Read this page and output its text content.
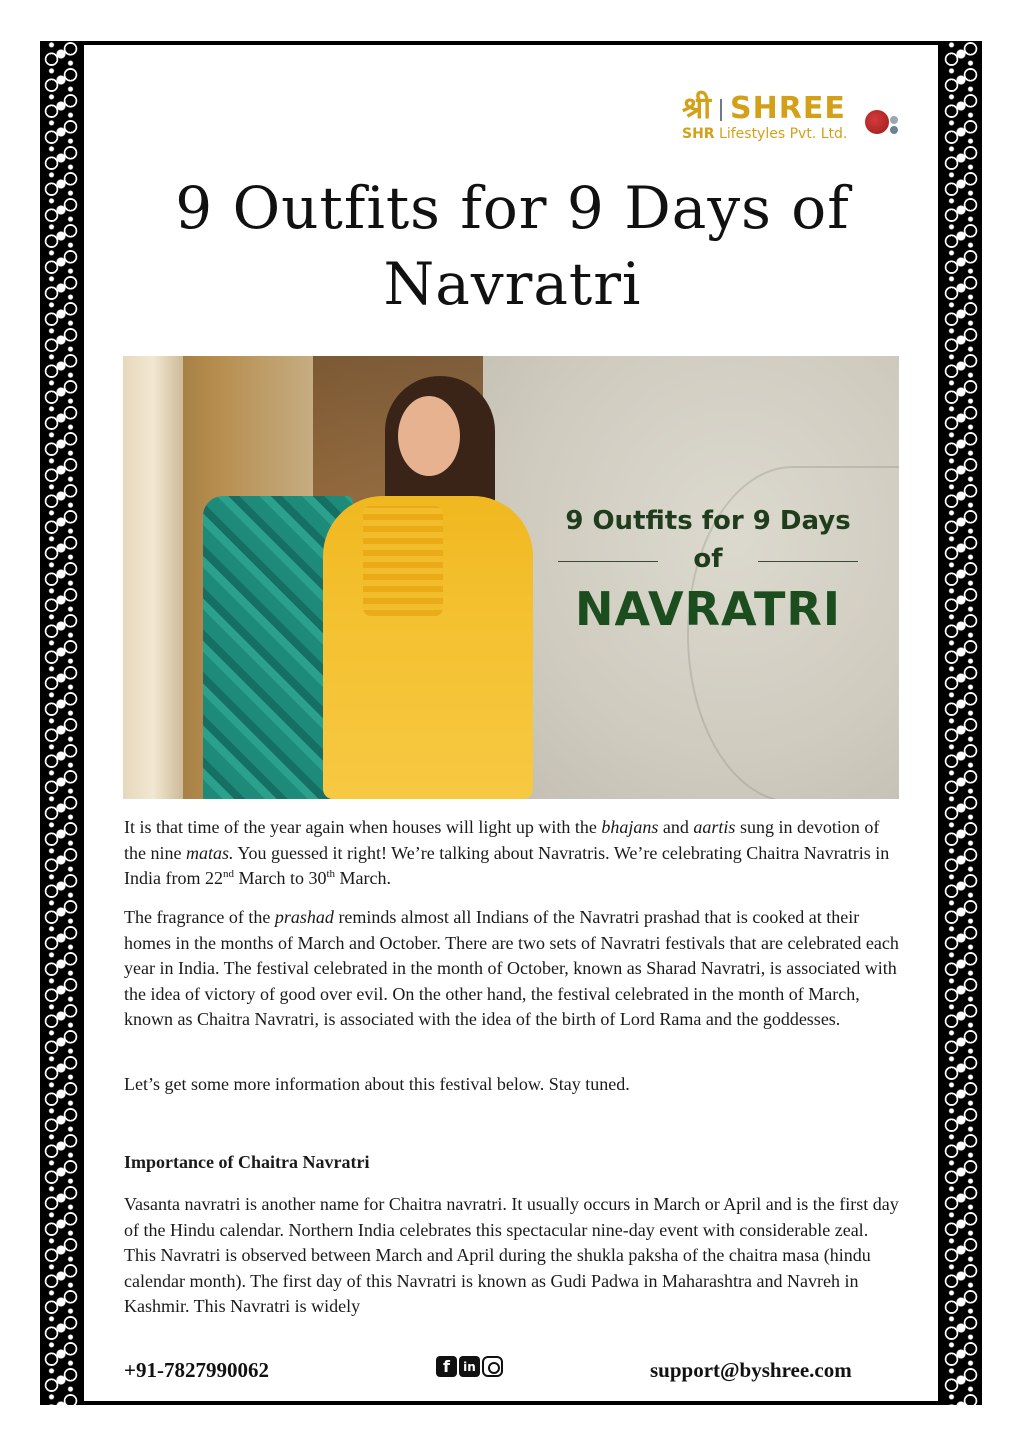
श्री SHREE
SHR Lifestyles Pvt. Ltd.
9 Outfits for 9 Days of
Navratri
9 Outfits for 9 Days
of
NAVRATRI

It is that time of the year again when houses will light up with the bhajans and aartis sung in devotion of the nine matas. You guessed it right! We’re talking about Navratris. We’re celebrating Chaitra Navratris in India from 22nd March to 30th March.

The fragrance of the prashad reminds almost all Indians of the Navratri prashad that is cooked at their homes in the months of March and October. There are two sets of Navratri festivals that are celebrated each year in India. The festival celebrated in the month of October, known as Sharad Navratri, is associated with the idea of victory of good over evil. On the other hand, the festival celebrated in the month of March, known as Chaitra Navratri, is associated with the idea of the birth of Lord Rama and the goddesses.

Let’s get some more information about this festival below. Stay tuned.

Importance of Chaitra Navratri

Vasanta navratri is another name for Chaitra navratri. It usually occurs in March or April and is the first day of the Hindu calendar. Northern India celebrates this spectacular nine-day event with considerable zeal. This Navratri is observed between March and April during the shukla paksha of the chaitra masa (hindu calendar month). The first day of this Navratri is known as Gudi Padwa in Maharashtra and Navreh in Kashmir. This Navratri is widely

+91-7827990062	f	in	support@byshree.com
